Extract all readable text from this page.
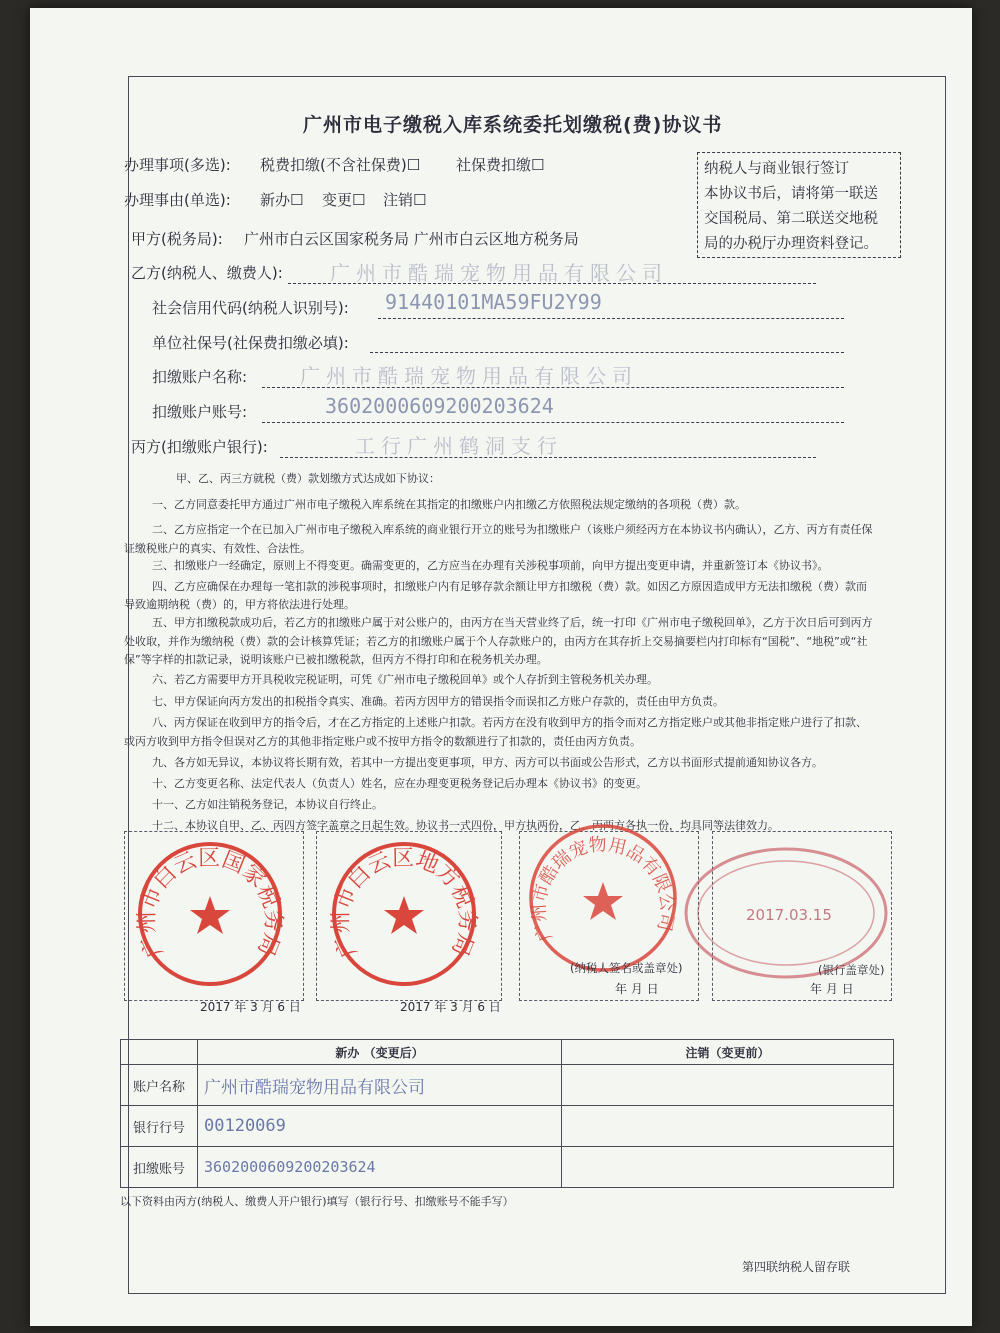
广州市电子缴税入库系统委托划缴税(费)协议书
办理事项(多选): 税费扣缴(不含社保费)☐ 社保费扣缴☐
办理事由(单选): 新办☐ 变更☐ 注销☐
纳税人与商业银行签订
本协议书后，请将第一联送
交国税局、第二联送交地税
局的办税厅办理资料登记。
甲方(税务局): 广州市白云区国家税务局 广州市白云区地方税务局
乙方(纳税人、缴费人): 广州市酷瑞宠物用品有限公司
社会信用代码(纳税人识别号): 91440101MA59FU2Y99
单位社保号(社保费扣缴必填):
扣缴账户名称:	广州市酷瑞宠物用品有限公司
扣缴账户账号:	3602000609200203624
丙方(扣缴账户银行):	工行广州鹤洞支行
甲、乙、丙三方就税（费）款划缴方式达成如下协议：
一、乙方同意委托甲方通过广州市电子缴税入库系统在其指定的扣缴账户内扣缴乙方依照税法规定缴纳的各项税（费）款。
二、乙方应指定一个在已加入广州市电子缴税入库系统的商业银行开立的账号为扣缴账户（该账户须经丙方在本协议书内确认），乙方、丙方有责任保
证缴税账户的真实、有效性、合法性。
三、扣缴账户一经确定，原则上不得变更。确需变更的，乙方应当在办理有关涉税事项前，向甲方提出变更申请，并重新签订本《协议书》。
四、乙方应确保在办理每一笔扣款的涉税事项时，扣缴账户内有足够存款余额让甲方扣缴税（费）款。如因乙方原因造成甲方无法扣缴税（费）款而
导致逾期纳税（费）的，甲方将依法进行处理。
五、甲方扣缴税款成功后，若乙方的扣缴账户属于对公账户的，由丙方在当天营业终了后，统一打印《广州市电子缴税回单》，乙方于次日后可到丙方
处收取，并作为缴纳税（费）款的会计核算凭证；若乙方的扣缴账户属于个人存款账户的，由丙方在其存折上交易摘要栏内打印标有“国税”、“地税”或“社
保”等字样的扣款记录，说明该账户已被扣缴税款，但丙方不得打印和在税务机关办理。
六、若乙方需要甲方开具税收完税证明，可凭《广州市电子缴税回单》或个人存折到主管税务机关办理。
七、甲方保证向丙方发出的扣税指令真实、准确。若丙方因甲方的错误指令而误扣乙方账户存款的，责任由甲方负责。
八、丙方保证在收到甲方的指令后，才在乙方指定的上述账户扣款。若丙方在没有收到甲方的指令而对乙方指定账户或其他非指定账户进行了扣款、
或丙方收到甲方指令但误对乙方的其他非指定账户或不按甲方指令的数额进行了扣款的，责任由丙方负责。
九、各方如无异议，本协议将长期有效，若其中一方提出变更事项，甲方、丙方可以书面或公告形式，乙方以书面形式提前通知协议各方。
十、乙方变更名称、法定代表人（负责人）姓名，应在办理变更税务登记后办理本《协议书》的变更。
十一、乙方如注销税务登记，本协议自行终止。
十二、本协议自甲、乙、丙四方签字盖章之日起生效。协议书一式四份，甲方执两份，乙、丙两方各执一份，均具同等法律效力。
广州市白云区国家税务局 广州市白云区地方税务局	广州市酷瑞宠物用品有限公司	2017.03.15
(纳税人签名或盖章处)	(银行盖章处)
2017 年 3 月 6 日	2017 年 3 月 6 日
年 月 日	年 月 日
	新办 （变更后）	注销（变更前）
账户名称	广州市酷瑞宠物用品有限公司	
银行行号	00120069	
扣缴账号	3602000609200203624	
以下资料由丙方(纳税人、缴费人开户银行)填写（银行行号、扣缴账号不能手写）
第四联纳税人留存联
